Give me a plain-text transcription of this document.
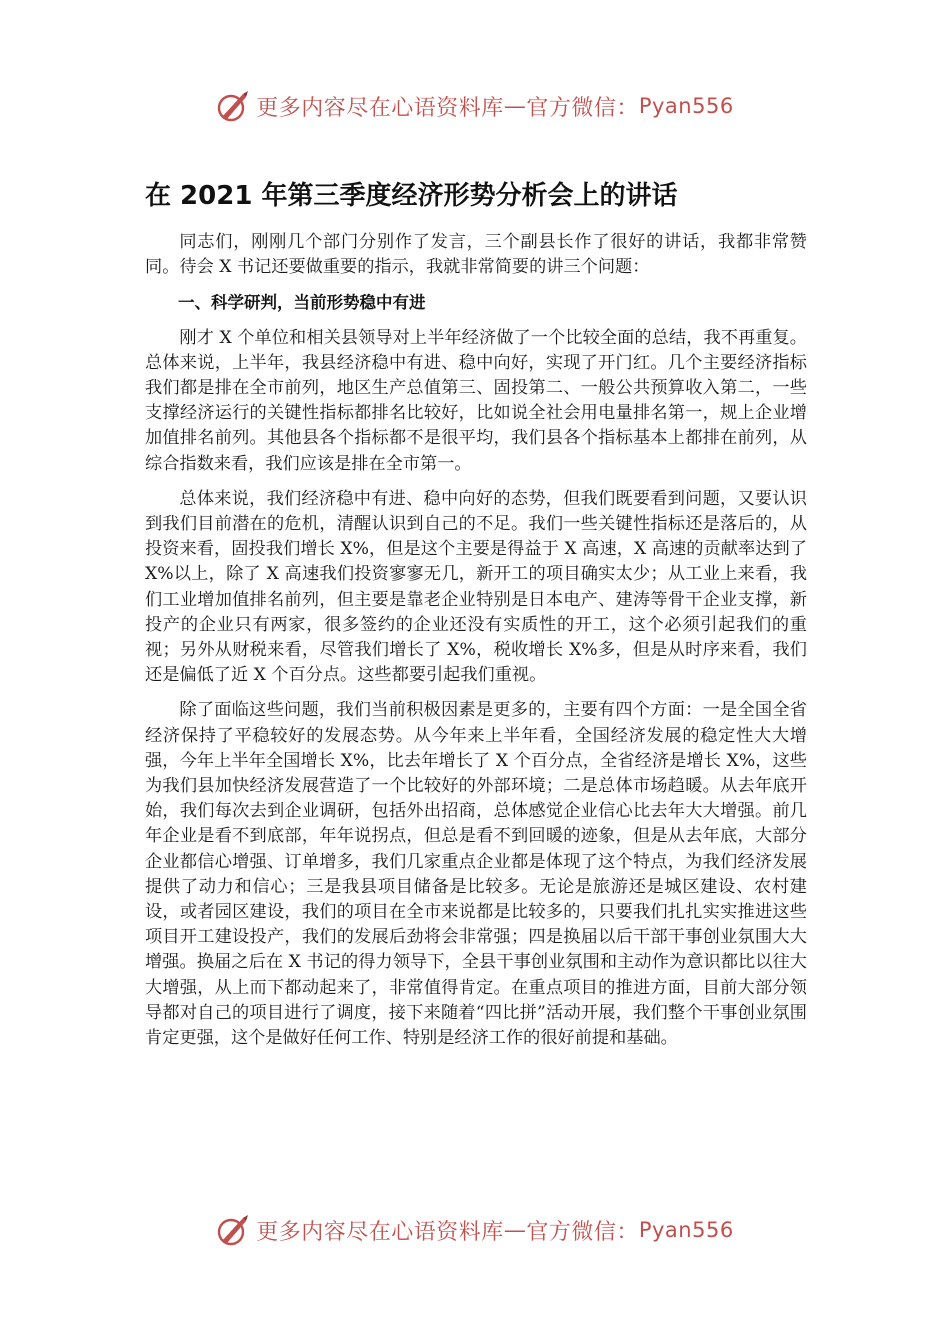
更多内容尽在心语资料库 — 官方微信： Pyan556
在 2021 年第三季度经济形势分析会上的讲话

同志们，刚刚几个部门分别作了发言，三个副县长作了很好的讲话，我都非常赞同。待会 X 书记还要做重要的指示，我就非常简要的讲三个问题：

一、科学研判，当前形势稳中有进

刚才 X 个单位和相关县领导对上半年经济做了一个比较全面的总结，我不再重复。总体来说，上半年，我县经济稳中有进、稳中向好，实现了开门红。几个主要经济指标我们都是排在全市前列，地区生产总值第三、固投第二、一般公共预算收入第二，一些支撑经济运行的关键性指标都排名比较好，比如说全社会用电量排名第一，规上企业增加值排名前列。其他县各个指标都不是很平均，我们县各个指标基本上都排在前列，从综合指数来看，我们应该是排在全市第一。

总体来说，我们经济稳中有进、稳中向好的态势，但我们既要看到问题，又要认识到我们目前潜在的危机，清醒认识到自己的不足。我们一些关键性指标还是落后的，从投资来看，固投我们增长 X%，但是这个主要是得益于 X 高速，X 高速的贡献率达到了 X%以上，除了 X 高速我们投资寥寥无几，新开工的项目确实太少；从工业上来看，我们工业增加值排名前列，但主要是靠老企业特别是日本电产、建涛等骨干企业支撑，新投产的企业只有两家，很多签约的企业还没有实质性的开工，这个必须引起我们的重视；另外从财税来看，尽管我们增长了 X%，税收增长 X%多，但是从时序来看，我们还是偏低了近 X 个百分点。这些都要引起我们重视。

除了面临这些问题，我们当前积极因素是更多的，主要有四个方面：一是全国全省经济保持了平稳较好的发展态势。从今年来上半年看，全国经济发展的稳定性大大增强，今年上半年全国增长 X%，比去年增长了 X 个百分点，全省经济是增长 X%，这些为我们县加快经济发展营造了一个比较好的外部环境；二是总体市场趋暖。从去年底开始，我们每次去到企业调研，包括外出招商，总体感觉企业信心比去年大大增强。前几年企业是看不到底部，年年说拐点，但总是看不到回暖的迹象，但是从去年底，大部分企业都信心增强、订单增多，我们几家重点企业都是体现了这个特点，为我们经济发展提供了动力和信心；三是我县项目储备是比较多。无论是旅游还是城区建设、农村建设，或者园区建设，我们的项目在全市来说都是比较多的，只要我们扎扎实实推进这些项目开工建设投产，我们的发展后劲将会非常强；四是换届以后干部干事创业氛围大大增强。换届之后在 X 书记的得力领导下，全县干事创业氛围和主动作为意识都比以往大大增强，从上而下都动起来了，非常值得肯定。在重点项目的推进方面，目前大部分领导都对自己的项目进行了调度，接下来随着“四比拼”活动开展，我们整个干事创业氛围肯定更强，这个是做好任何工作、特别是经济工作的很好前提和基础。

更多内容尽在心语资料库 — 官方微信： Pyan556
